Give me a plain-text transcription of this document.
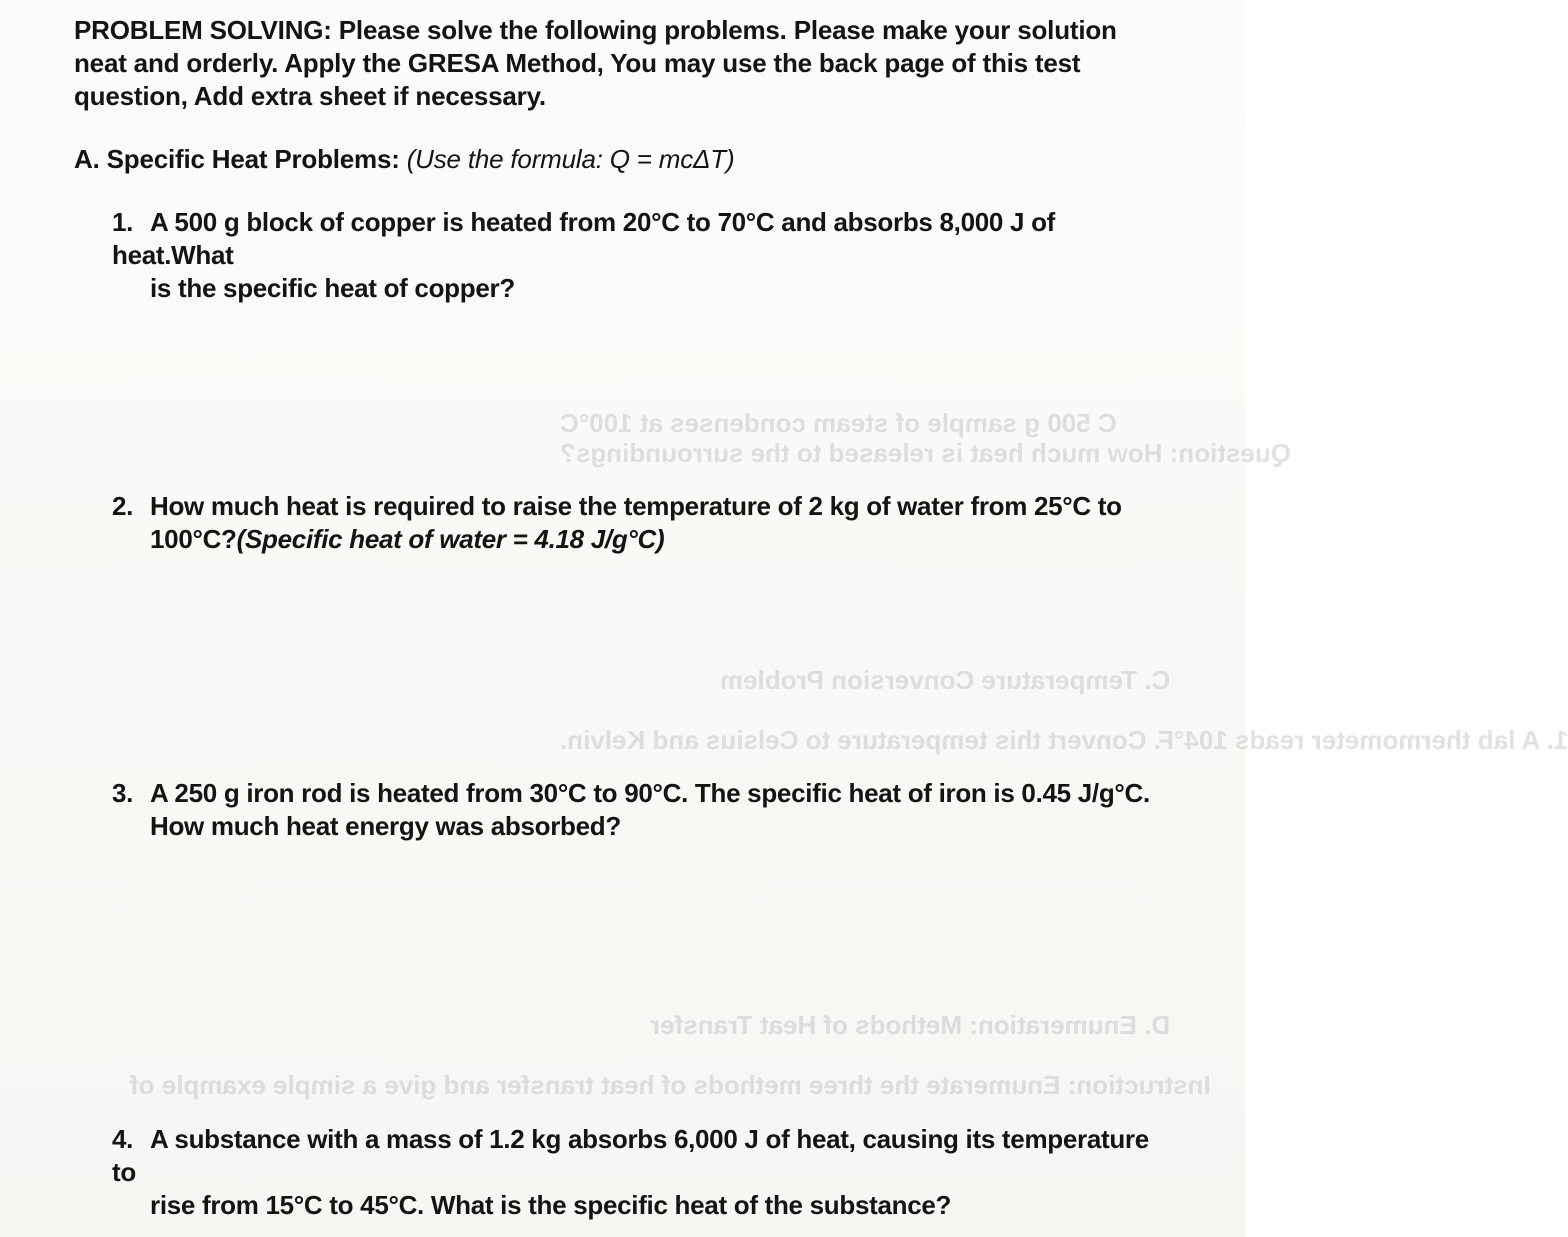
C 500 g sample of steam condenses at 100°C
Question: How much heat is released to the surroundings?
C. Temperature Conversion Problem
1. A lab thermometer reads 104°F. Convert this temperature to Celsius and Kelvin.
D. Enumeration: Methods of Heat Transfer
Instruction: Enumerate the three methods of heat transfer and give a simple example of
PROBLEM SOLVING: Please solve the following problems. Please make your solution
neat and orderly. Apply the GRESA Method, You may use the back page of this test
question, Add extra sheet if necessary.
A. Specific Heat Problems: (Use the formula: Q = mcΔT)
1. A 500 g block of copper is heated from 20°C to 70°C and absorbs 8,000 J of heat.What
is the specific heat of copper?
2. How much heat is required to raise the temperature of 2 kg of water from 25°C to
100°C?(Specific heat of water = 4.18 J/g°C)
3. A 250 g iron rod is heated from 30°C to 90°C. The specific heat of iron is 0.45 J/g°C.
How much heat energy was absorbed?
4. A substance with a mass of 1.2 kg absorbs 6,000 J of heat, causing its temperature to
rise from 15°C to 45°C. What is the specific heat of the substance?
